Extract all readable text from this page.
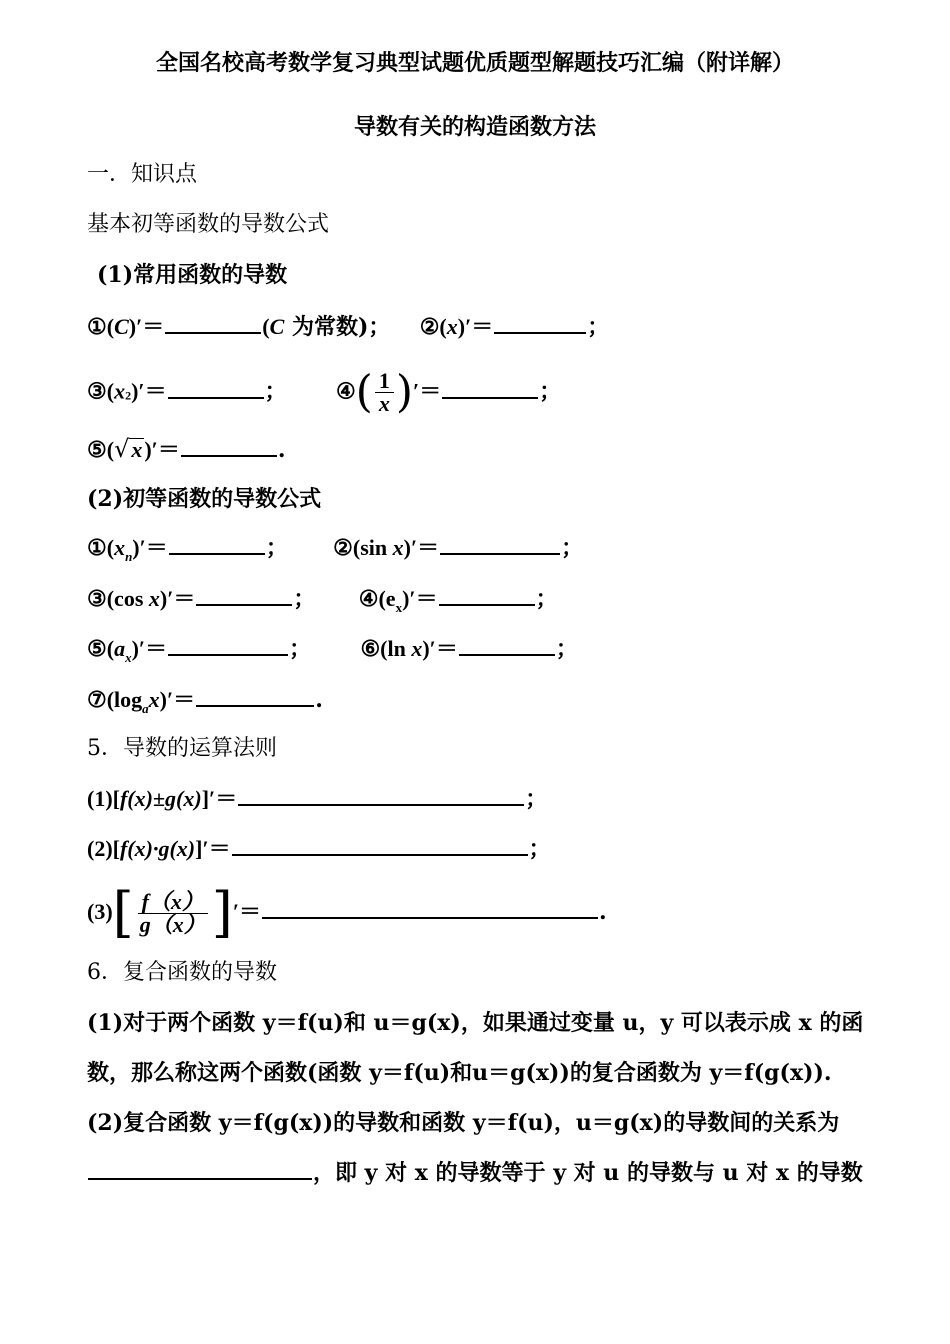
全国名校高考数学复习典型试题优质题型解题技巧汇编（附详解）
导数有关的构造函数方法
一．知识点
基本初等函数的导数公式
(1)常用函数的导数
①(C)′＝	(C 为常数)； ②(x)′＝	；
③(x2)′＝	； ④( $\frac{1}{x}$ )′＝	；
⑤(√x)′＝	.
(2)初等函数的导数公式
$①(x_n)'=$	； ②(sin x)′＝	；
③(cos x)′＝	； $④(e_x)'=$	；
$⑤(a_x)'=$	； ⑥(ln x)′＝	；
$⑦(\log_ax)'=$	.
5．导数的运算法则
(1)[f(x)±g(x)]′＝	；
(2)[f(x)·g(x)]′＝	；
$(3)[ \frac{f(x)}{g(x)}$ ]′＝	.
6．复合函数的导数
(1)对于两个函数 y＝f(u)和 u＝g(x)，如果通过变量 u，y 可以表示成 x 的函
数，那么称这两个函数(函数 y＝f(u)和u＝g(x))的复合函数为 y＝f(g(x)).
(2)复合函数 y＝f(g(x))的导数和函数 y＝f(u)，u＝g(x)的导数间的关系为
，即 y 对 x 的导数等于 y 对 u 的导数与 u 对 x 的导数
